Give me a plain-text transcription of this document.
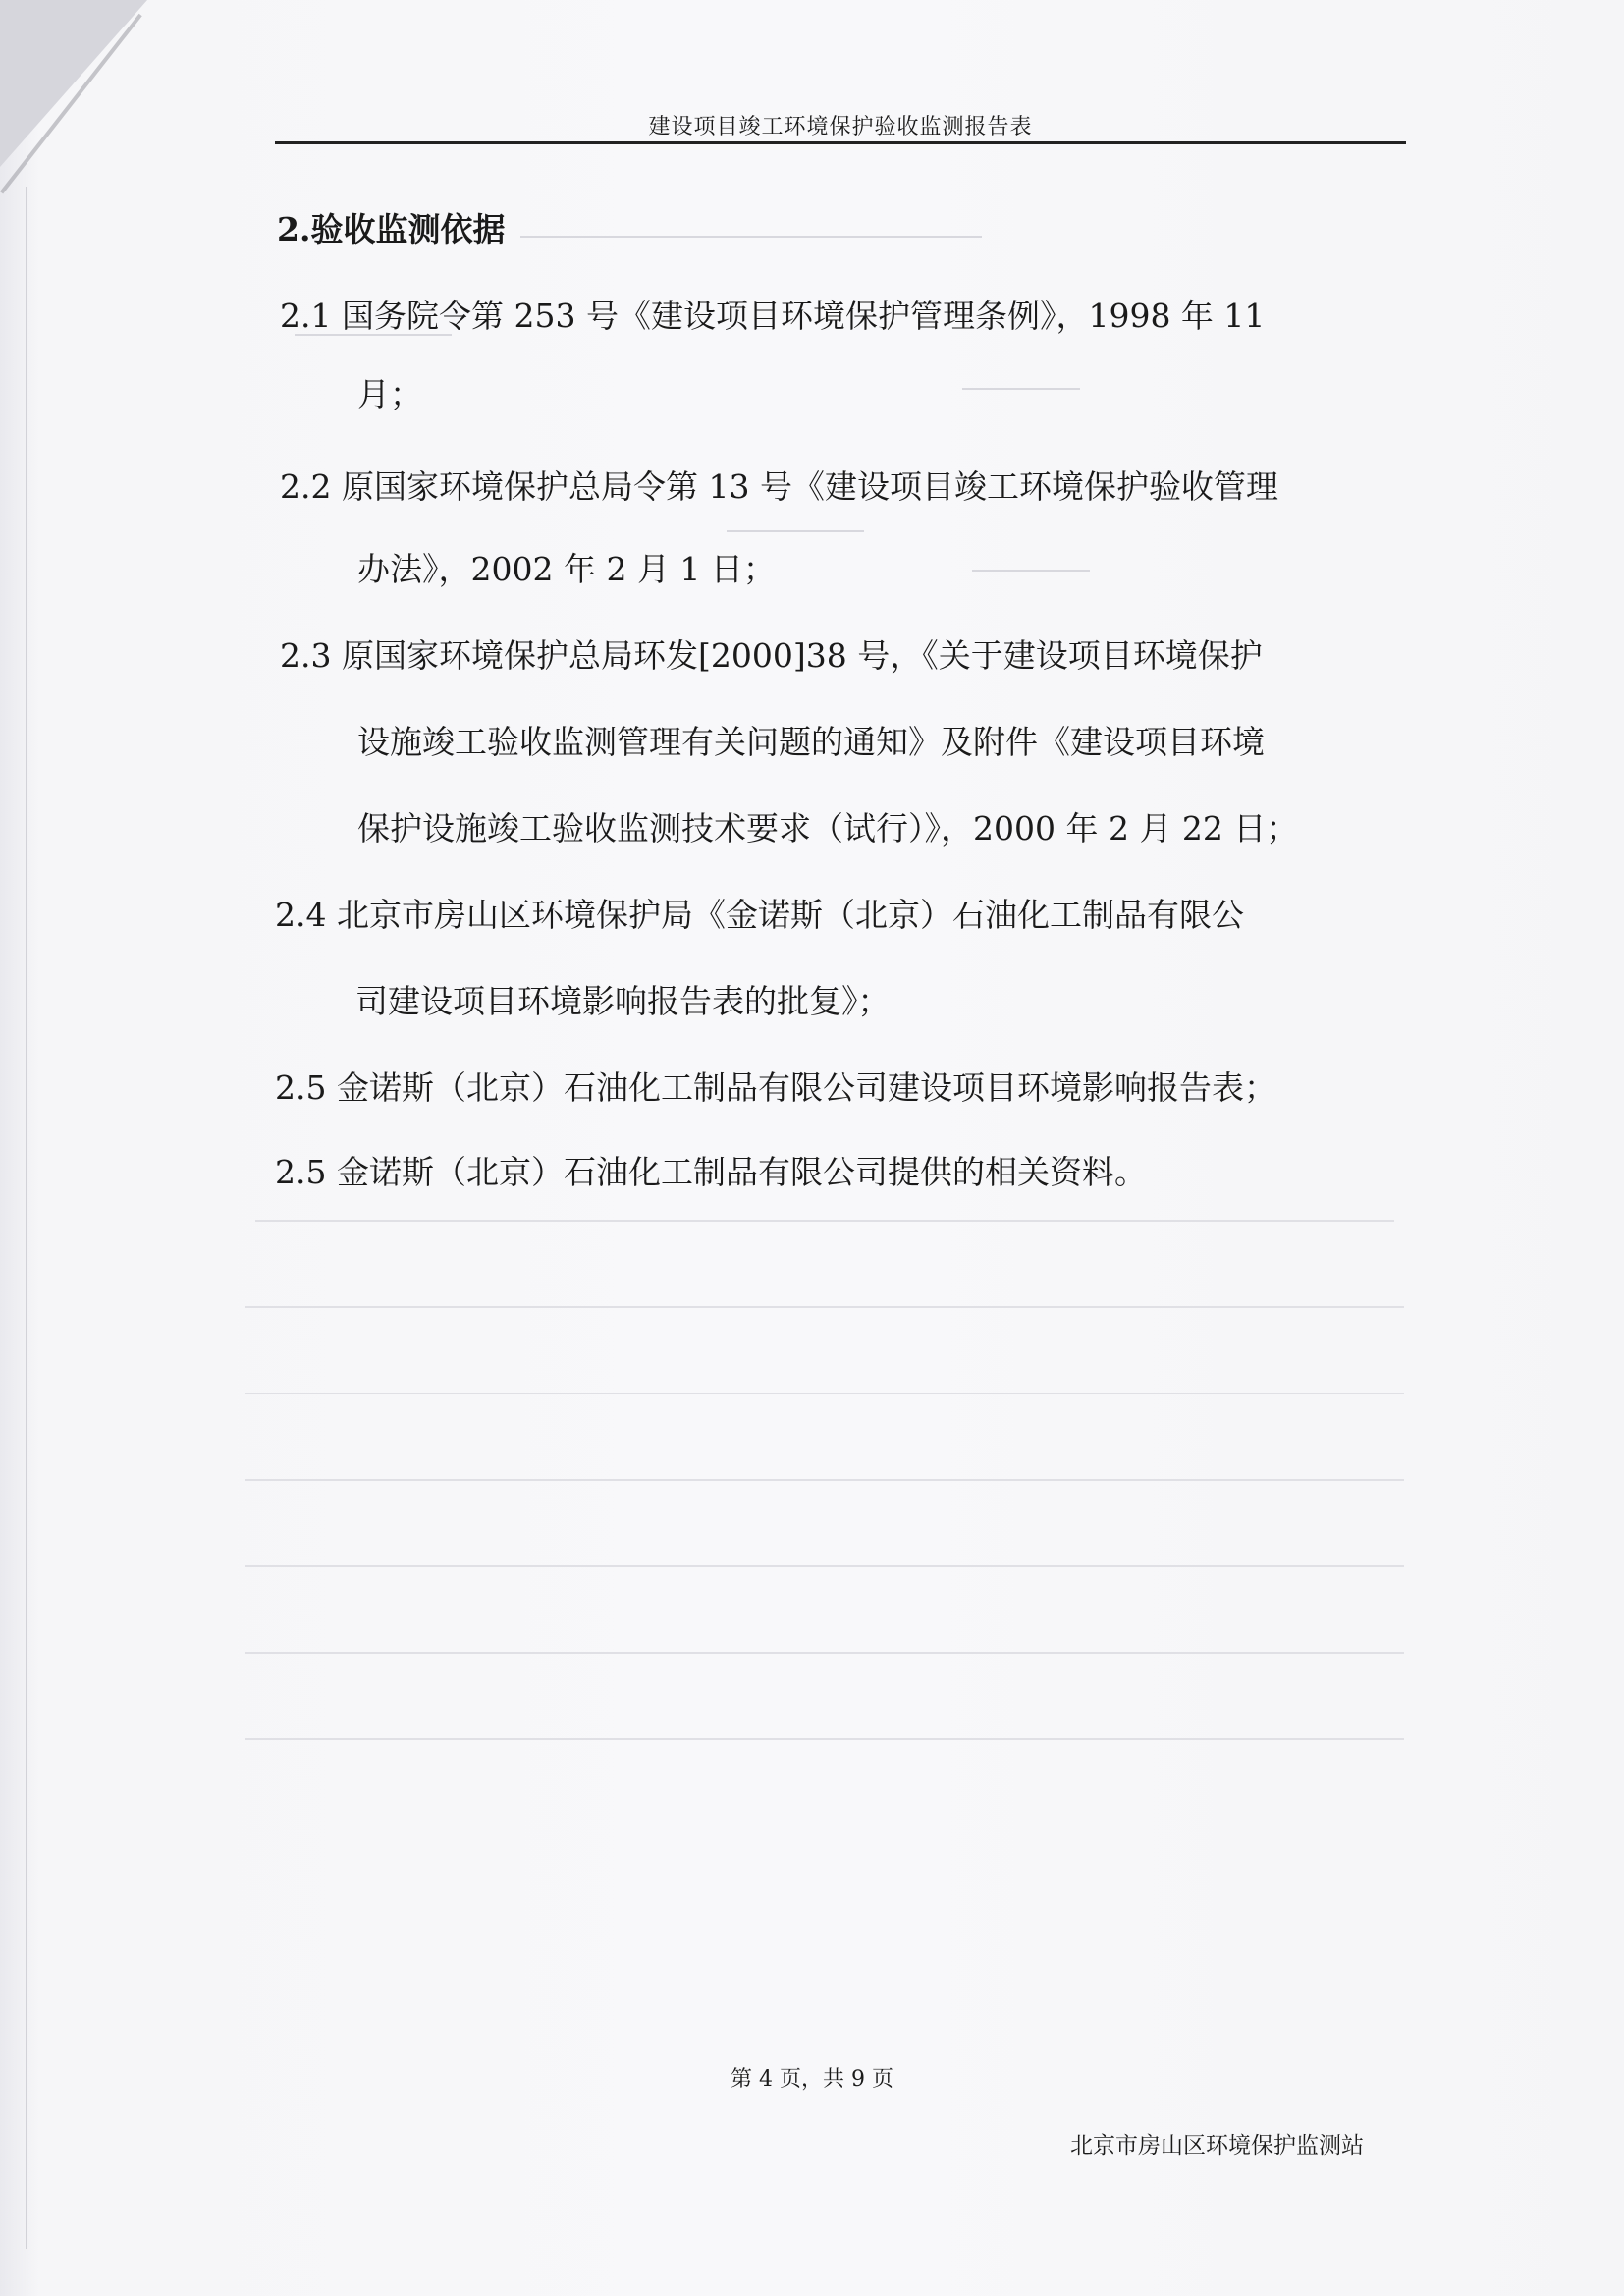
建设项目竣工环境保护验收监测报告表
2.验收监测依据
2.1 国务院令第 253 号《建设项目环境保护管理条例》，1998 年 11
月；
2.2 原国家环境保护总局令第 13 号《建设项目竣工环境保护验收管理
办法》，2002 年 2 月 1 日；
2.3 原国家环境保护总局环发[2000]38 号，《关于建设项目环境保护
设施竣工验收监测管理有关问题的通知》及附件《建设项目环境
保护设施竣工验收监测技术要求（试行）》，2000 年 2 月 22 日；
2.4 北京市房山区环境保护局《金诺斯（北京）石油化工制品有限公
司建设项目环境影响报告表的批复》；
2.5 金诺斯（北京）石油化工制品有限公司建设项目环境影响报告表；
2.5 金诺斯（北京）石油化工制品有限公司提供的相关资料。
第 4 页，共 9 页
北京市房山区环境保护监测站
